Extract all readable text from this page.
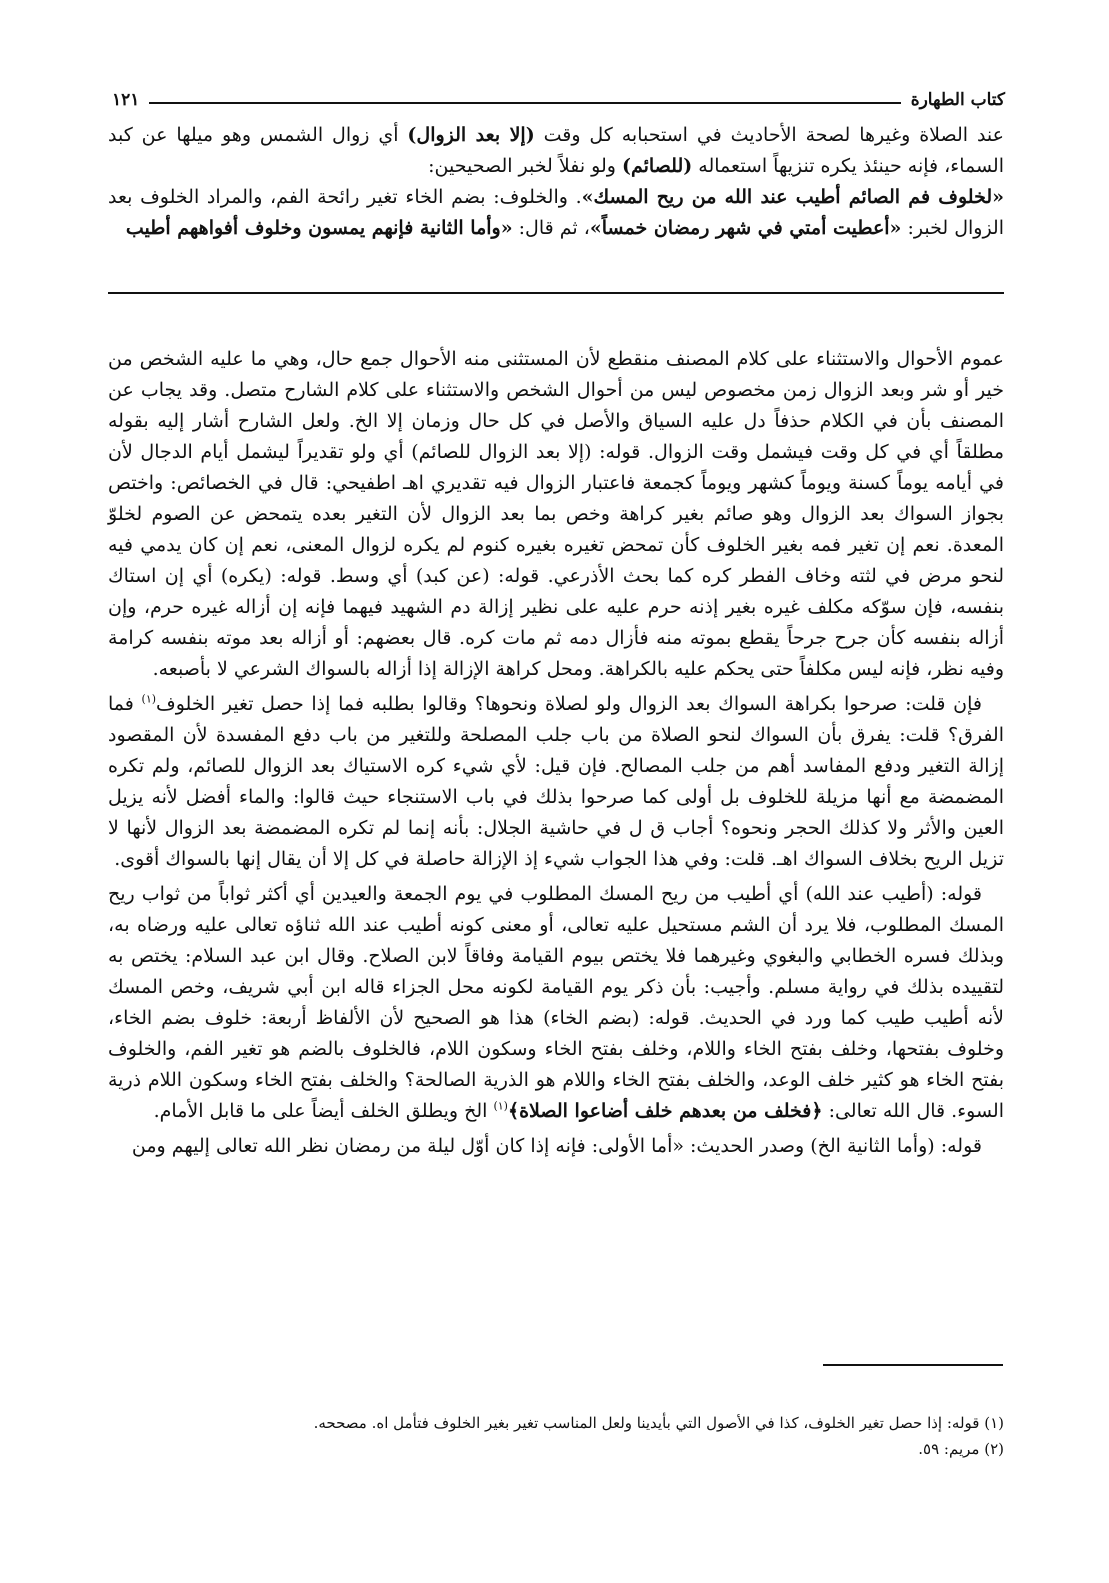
كتاب الطهارة
١٢١

عند الصلاة وغيرها لصحة الأحاديث في استحبابه كل وقت (إلا بعد الزوال) أي زوال الشمس وهو ميلها عن كبد السماء، فإنه حينئذ يكره تنزيهاً استعماله (للصائم) ولو نفلاً لخبر الصحيحين:

«لخلوف فم الصائم أطيب عند الله من ريح المسك». والخلوف: بضم الخاء تغير رائحة الفم، والمراد الخلوف بعد الزوال لخبر: «أعطيت أمتي في شهر رمضان خمساً»، ثم قال: «وأما الثانية فإنهم يمسون وخلوف أفواههم أطيب

عموم الأحوال والاستثناء على كلام المصنف منقطع لأن المستثنى منه الأحوال جمع حال، وهي ما عليه الشخص من خير أو شر وبعد الزوال زمن مخصوص ليس من أحوال الشخص والاستثناء على كلام الشارح متصل. وقد يجاب عن المصنف بأن في الكلام حذفاً دل عليه السياق والأصل في كل حال وزمان إلا الخ. ولعل الشارح أشار إليه بقوله مطلقاً أي في كل وقت فيشمل وقت الزوال. قوله: (إلا بعد الزوال للصائم) أي ولو تقديراً ليشمل أيام الدجال لأن في أيامه يوماً كسنة ويوماً كشهر ويوماً كجمعة فاعتبار الزوال فيه تقديري اهـ اطفيحي: قال في الخصائص: واختص بجواز السواك بعد الزوال وهو صائم بغير كراهة وخص بما بعد الزوال لأن التغير بعده يتمحض عن الصوم لخلوّ المعدة. نعم إن تغير فمه بغير الخلوف كأن تمحض تغيره بغيره كنوم لم يكره لزوال المعنى، نعم إن كان يدمي فيه لنحو مرض في لثته وخاف الفطر كره كما بحث الأذرعي. قوله: (عن كبد) أي وسط. قوله: (يكره) أي إن استاك بنفسه، فإن سوّكه مكلف غيره بغير إذنه حرم عليه على نظير إزالة دم الشهيد فيهما فإنه إن أزاله غيره حرم، وإن أزاله بنفسه كأن جرح جرحاً يقطع بموته منه فأزال دمه ثم مات كره. قال بعضهم: أو أزاله بعد موته بنفسه كرامة وفيه نظر، فإنه ليس مكلفاً حتى يحكم عليه بالكراهة. ومحل كراهة الإزالة إذا أزاله بالسواك الشرعي لا بأصبعه.

فإن قلت: صرحوا بكراهة السواك بعد الزوال ولو لصلاة ونحوها؟ وقالوا بطلبه فما إذا حصل تغير الخلوف$^{(١)}$ فما الفرق؟ قلت: يفرق بأن السواك لنحو الصلاة من باب جلب المصلحة وللتغير من باب دفع المفسدة لأن المقصود إزالة التغير ودفع المفاسد أهم من جلب المصالح. فإن قيل: لأي شيء كره الاستياك بعد الزوال للصائم، ولم تكره المضمضة مع أنها مزيلة للخلوف بل أولى كما صرحوا بذلك في باب الاستنجاء حيث قالوا: والماء أفضل لأنه يزيل العين والأثر ولا كذلك الحجر ونحوه؟ أجاب ق ل في حاشية الجلال: بأنه إنما لم تكره المضمضة بعد الزوال لأنها لا تزيل الريح بخلاف السواك اهـ. قلت: وفي هذا الجواب شيء إذ الإزالة حاصلة في كل إلا أن يقال إنها بالسواك أقوى.

قوله: (أطيب عند الله) أي أطيب من ريح المسك المطلوب في يوم الجمعة والعيدين أي أكثر ثواباً من ثواب ريح المسك المطلوب، فلا يرد أن الشم مستحيل عليه تعالى، أو معنى كونه أطيب عند الله ثناؤه تعالى عليه ورضاه به، وبذلك فسره الخطابي والبغوي وغيرهما فلا يختص بيوم القيامة وفاقاً لابن الصلاح. وقال ابن عبد السلام: يختص به لتقييده بذلك في رواية مسلم. وأجيب: بأن ذكر يوم القيامة لكونه محل الجزاء قاله ابن أبي شريف، وخص المسك لأنه أطيب طيب كما ورد في الحديث. قوله: (بضم الخاء) هذا هو الصحيح لأن الألفاظ أربعة: خلوف بضم الخاء، وخلوف بفتحها، وخلف بفتح الخاء واللام، وخلف بفتح الخاء وسكون اللام، فالخلوف بالضم هو تغير الفم، والخلوف بفتح الخاء هو كثير خلف الوعد، والخلف بفتح الخاء واللام هو الذرية الصالحة؟ والخلف بفتح الخاء وسكون اللام ذرية السوء. قال الله تعالى: ﴿فخلف من بعدهم خلف أضاعوا الصلاة﴾$^{(١)}$ الخ ويطلق الخلف أيضاً على ما قابل الأمام.

قوله: (وأما الثانية الخ) وصدر الحديث: «أما الأولى: فإنه إذا كان أوّل ليلة من رمضان نظر الله تعالى إليهم ومن

(١) قوله: إذا حصل تغير الخلوف، كذا في الأصول التي بأيدينا ولعل المناسب تغير بغير الخلوف فتأمل اه. مصححه.
(٢) مريم: ٥٩.
